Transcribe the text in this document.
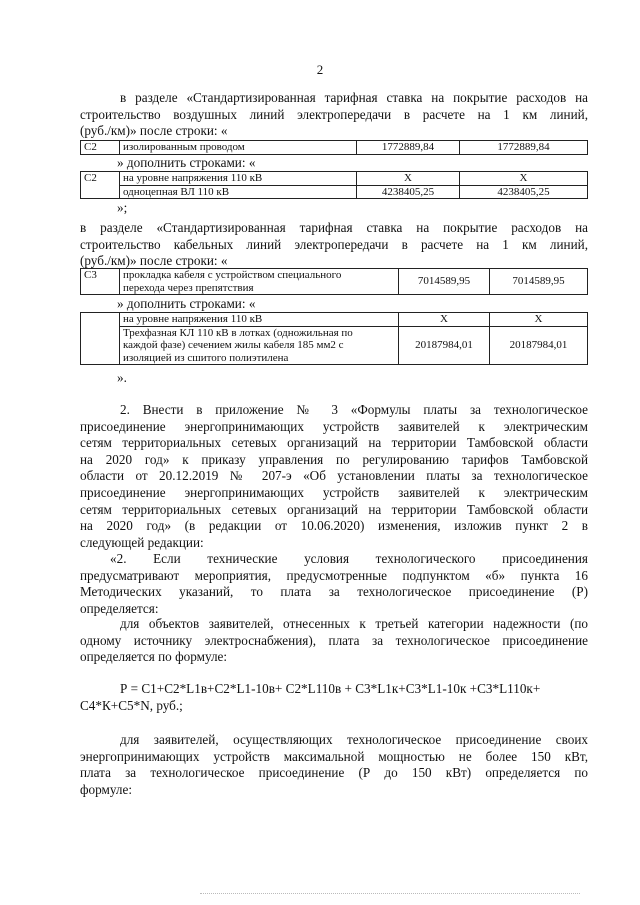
2
в разделе «Стандартизированная тарифная ставка на покрытие расходов на
строительство воздушных линий электропередачи в расчете на 1 км линий,
(руб./км)» после строки: «
С2	изолированным проводом	1772889,84	1772889,84
» дополнить строками: «
С2	на уровне напряжения 110 кВ	Х	Х
	одноцепная ВЛ 110 кВ	4238405,25	4238405,25
»;
в разделе «Стандартизированная тарифная ставка на покрытие расходов на
строительство кабельных линий электропередачи в расчете на 1 км линий,
(руб./км)» после строки: «
С3	прокладка кабеля с устройством специального
перехода через препятствия
	7014589,95	7014589,95
» дополнить строками: «
	на уровне напряжения 110 кВ	Х	Х

	Трехфазная КЛ 110 кВ в лотках (одножильная по
каждой фазе) сечением жилы кабеля 185 мм2 с
изоляцией из сшитого полиэтилена	20187984,01	20187984,01
».
2. Внести в приложение № 3 «Формулы платы за технологическое
присоединение энергопринимающих устройств заявителей к электрическим
сетям территориальных сетевых организаций на территории Тамбовской области
на 2020 год» к приказу управления по регулированию тарифов Тамбовской
области от 20.12.2019 № 207-э «Об установлении платы за технологическое
присоединение энергопринимающих устройств заявителей к электрическим
сетям территориальных сетевых организаций на территории Тамбовской области
на 2020 год» (в редакции от 10.06.2020) изменения, изложив пункт 2 в
следующей редакции:
«2. Если технические условия технологического присоединения
предусматривают мероприятия, предусмотренные подпунктом «б» пункта 16
Методических указаний, то плата за технологическое присоединение (Р)
определяется:
для объектов заявителей, отнесенных к третьей категории надежности (по
одному источнику электроснабжения), плата за технологическое присоединение
определяется по формуле:
Р = С1+С2*L1в+С2*L1-10в+ С2*L110в + С3*L1к+С3*L1-10к +С3*L110к+
С4*К+С5*N, руб.;
для заявителей, осуществляющих технологическое присоединение своих
энергопринимающих устройств максимальной мощностью не более 150 кВт,
плата за технологическое присоединение (Р до 150 кВт) определяется по
формуле:
